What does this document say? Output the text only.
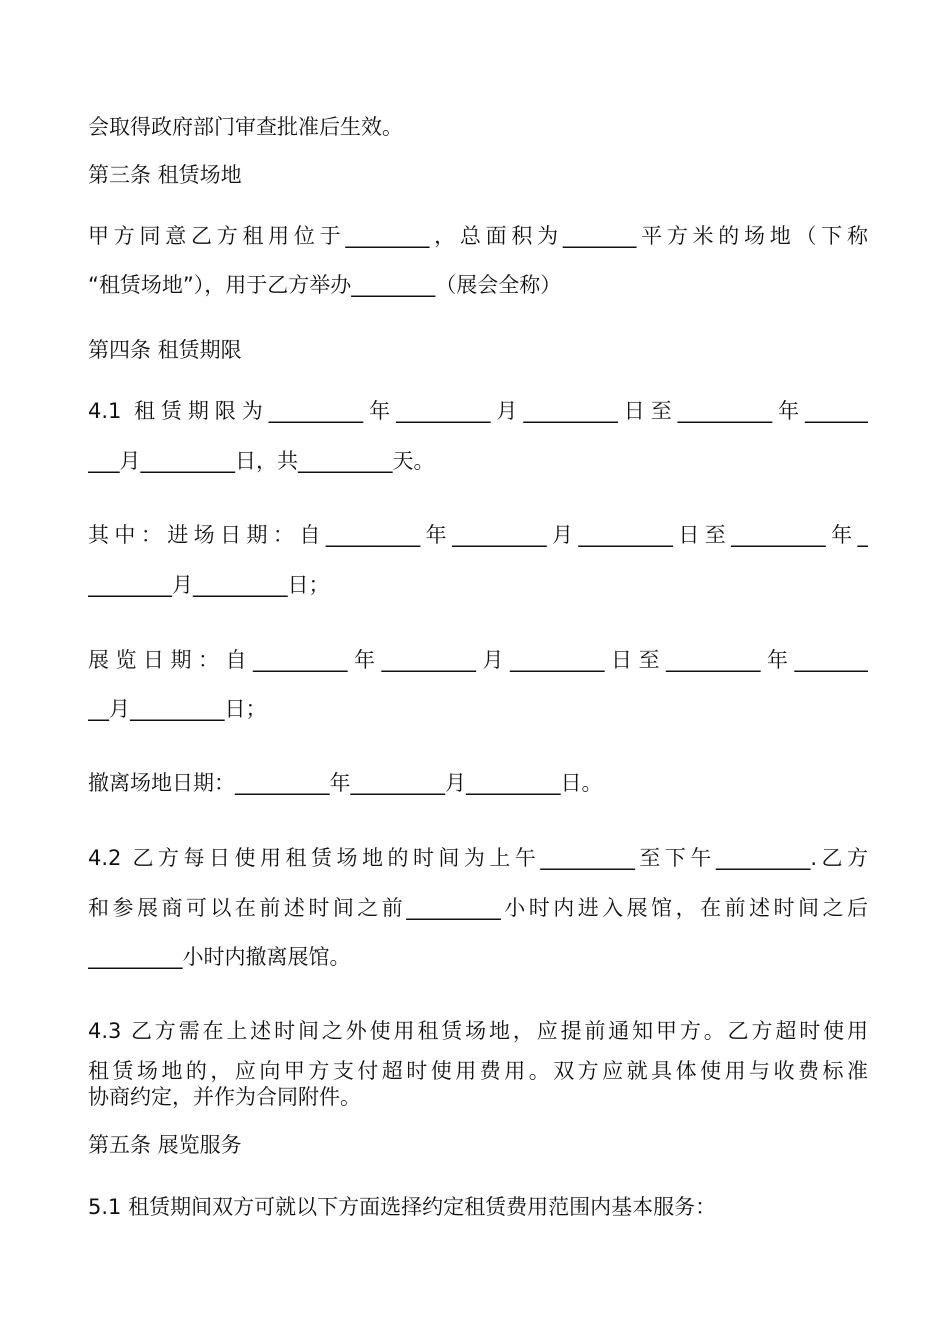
会取得政府部门审查批准后生效。
第三条 租赁场地
甲方同意乙方租用位于________，总面积为_______平方米的场地（下称
“租赁场地”），用于乙方举办________（展会全称）
第四条 租赁期限
4.1 租赁期限为_________年_________月_________日至_________年______
___月_________日，共_________天。
其中：进场日期：自_________年_________月_________日至_________年_
________月_________日；
展览日期：自_________年_________月_________日至_________年_______
__月_________日；
撤离场地日期：_________年_________月_________日。
4.2 乙方每日使用租赁场地的时间为上午_________至下午_________.乙方
和参展商可以在前述时间之前_________小时内进入展馆，在前述时间之后
_________小时内撤离展馆。
4.3 乙方需在上述时间之外使用租赁场地，应提前通知甲方。乙方超时使用
租赁场地的，应向甲方支付超时使用费用。双方应就具体使用与收费标准
协商约定，并作为合同附件。
第五条 展览服务
5.1 租赁期间双方可就以下方面选择约定租赁费用范围内基本服务：
